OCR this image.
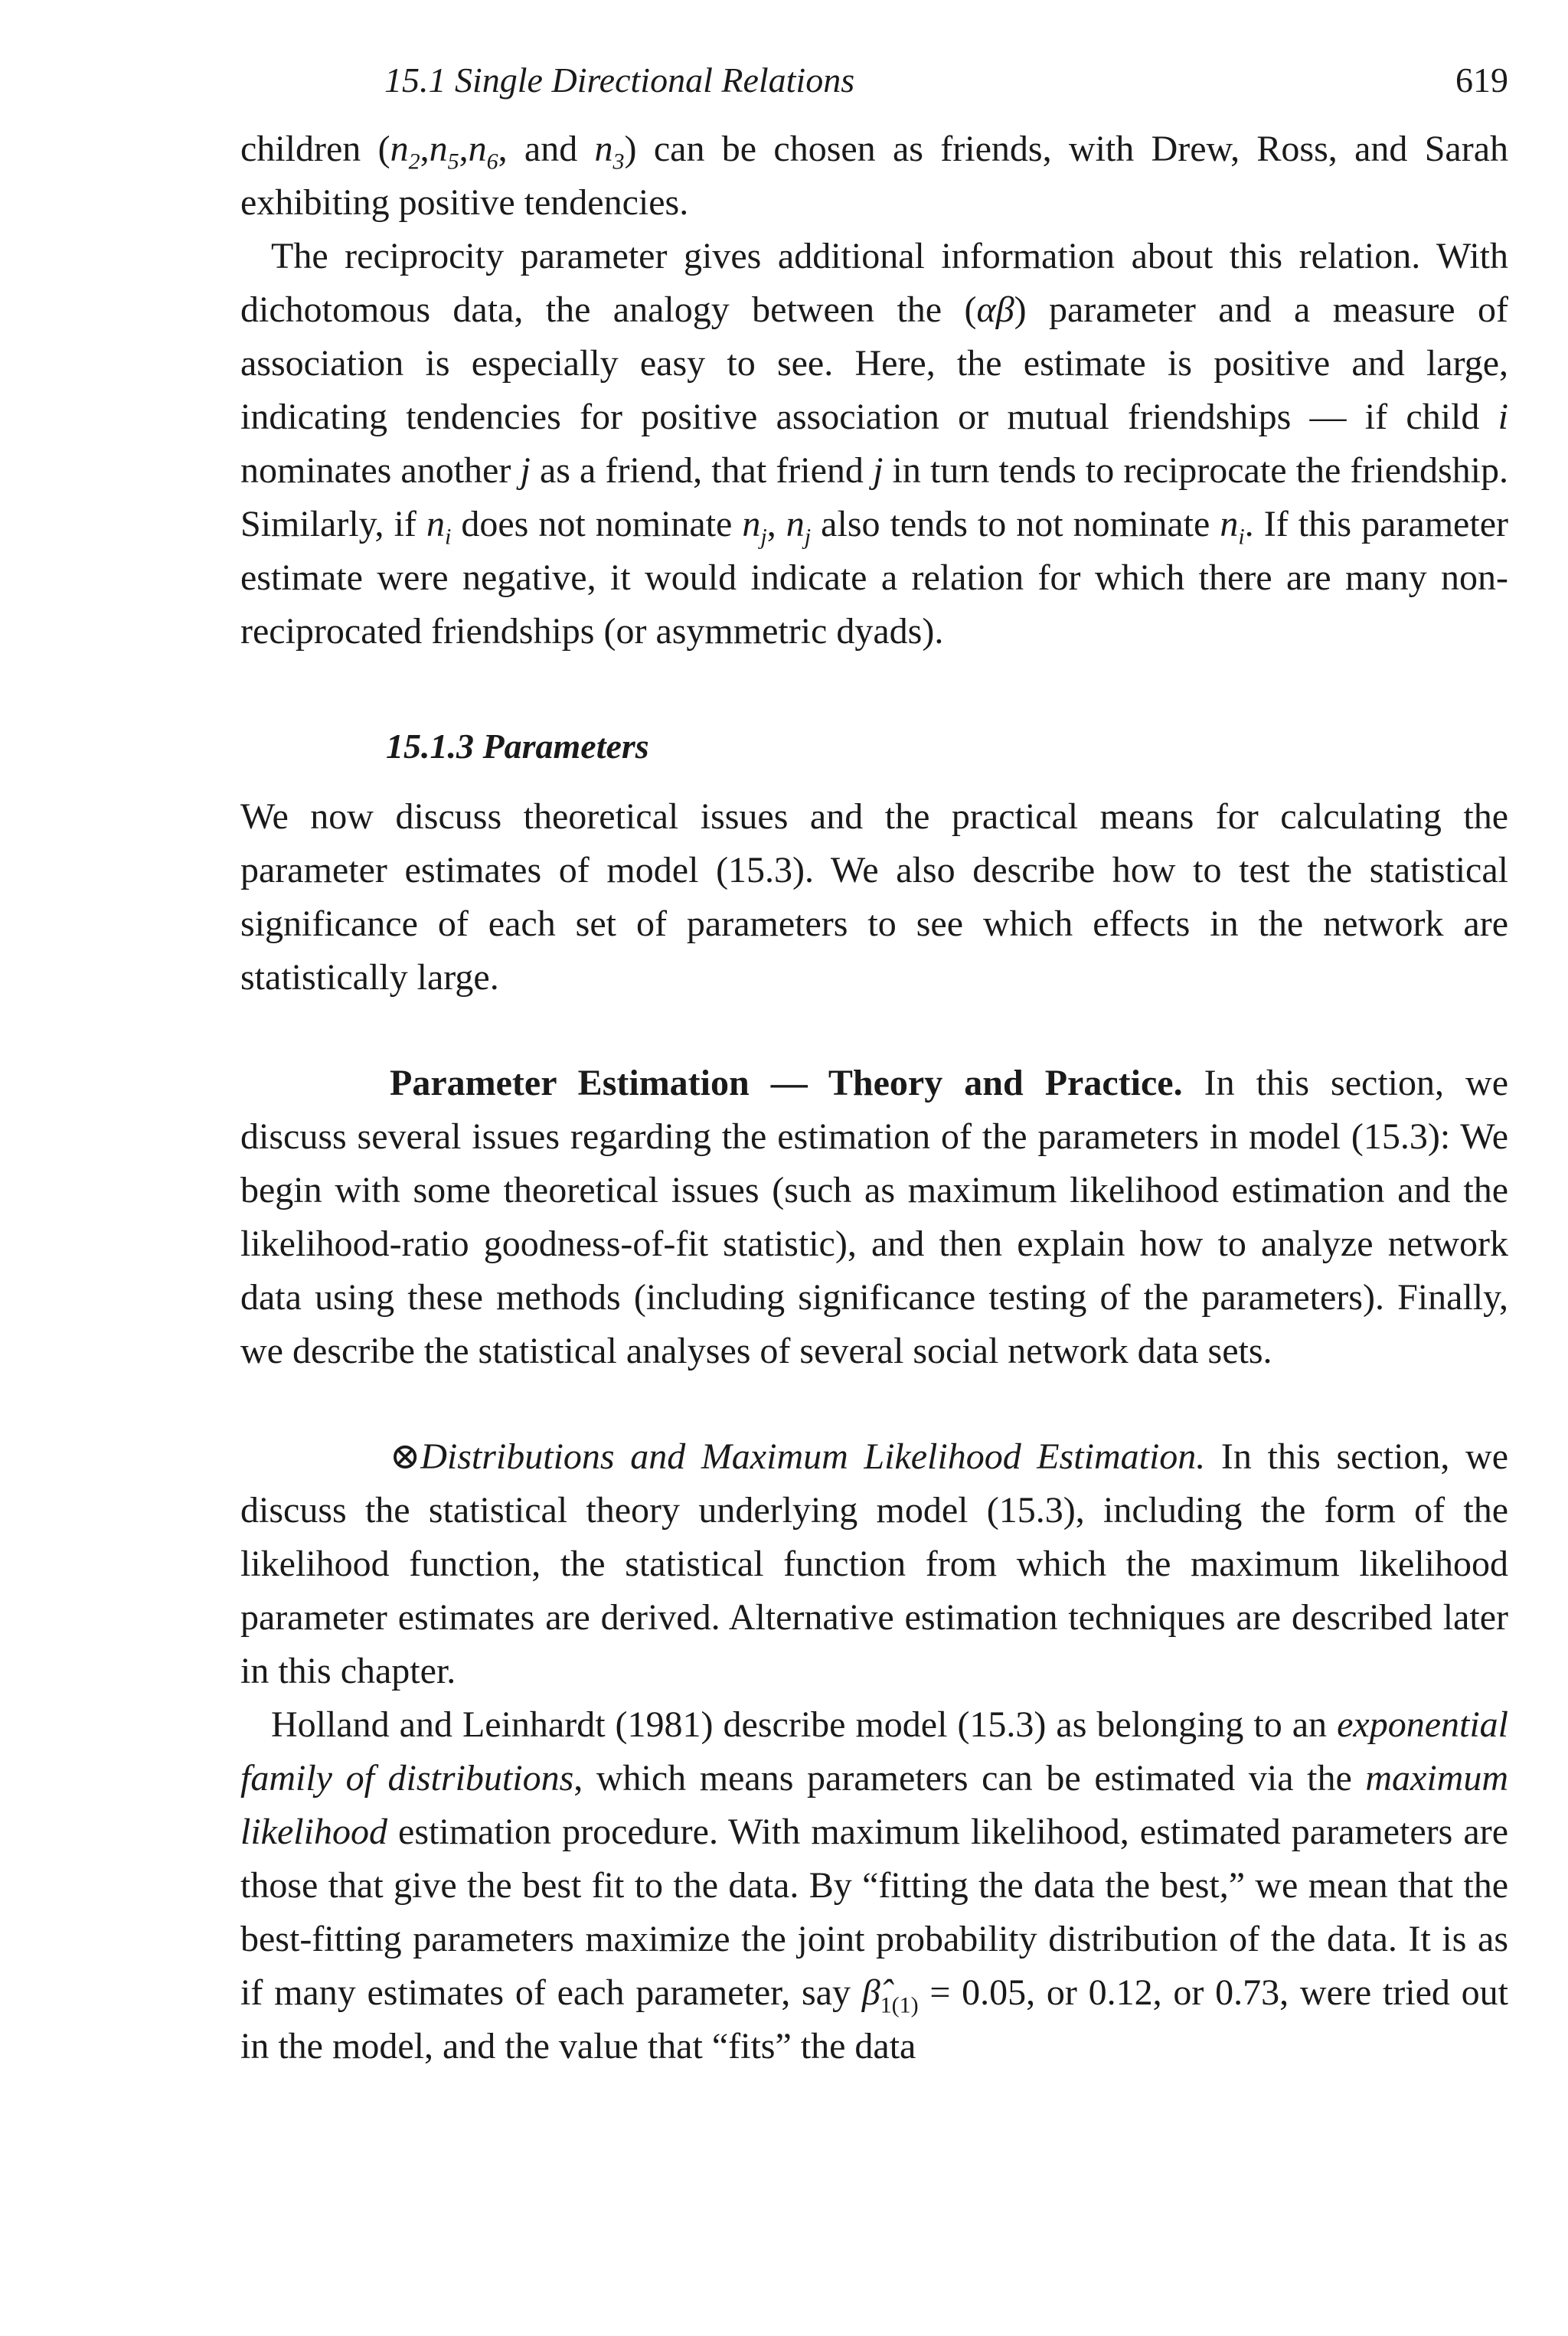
15.1 Single Directional Relations	619

children ($n_2,n_5,n_6$, and $n_3$) can be chosen as friends, with Drew, Ross, and Sarah exhibiting positive tendencies.

The reciprocity parameter gives additional information about this relation. With dichotomous data, the analogy between the (αβ) parameter and a measure of association is especially easy to see. Here, the estimate is positive and large, indicating tendencies for positive association or mutual friendships — if child i nominates another j as a friend, that friend j in turn tends to reciprocate the friendship. Similarly, if $n_i$ does not nominate $n_j$, $n_j$ also tends to not nominate $n_i$. If this parameter estimate were negative, it would indicate a relation for which there are many non-reciprocated friendships (or asymmetric dyads).

15.1.3 Parameters

We now discuss theoretical issues and the practical means for calculating the parameter estimates of model (15.3). We also describe how to test the statistical significance of each set of parameters to see which effects in the network are statistically large.

Parameter Estimation — Theory and Practice. In this section, we discuss several issues regarding the estimation of the parameters in model (15.3): We begin with some theoretical issues (such as maximum likelihood estimation and the likelihood-ratio goodness-of-fit statistic), and then explain how to analyze network data using these methods (including significance testing of the parameters). Finally, we describe the statistical analyses of several social network data sets.

⊗Distributions and Maximum Likelihood Estimation. In this section, we discuss the statistical theory underlying model (15.3), including the form of the likelihood function, the statistical function from which the maximum likelihood parameter estimates are derived. Alternative estimation techniques are described later in this chapter.

Holland and Leinhardt (1981) describe model (15.3) as belonging to an exponential family of distributions, which means parameters can be estimated via the maximum likelihood estimation procedure. With maximum likelihood, estimated parameters are those that give the best fit to the data. By “fitting the data the best,” we mean that the best-fitting parameters maximize the joint probability distribution of the data. It is as if many estimates of each parameter, say $\betâ_{1(1)} = 0.05$, or 0.12, or 0.73, were tried out in the model, and the value that “fits” the data
